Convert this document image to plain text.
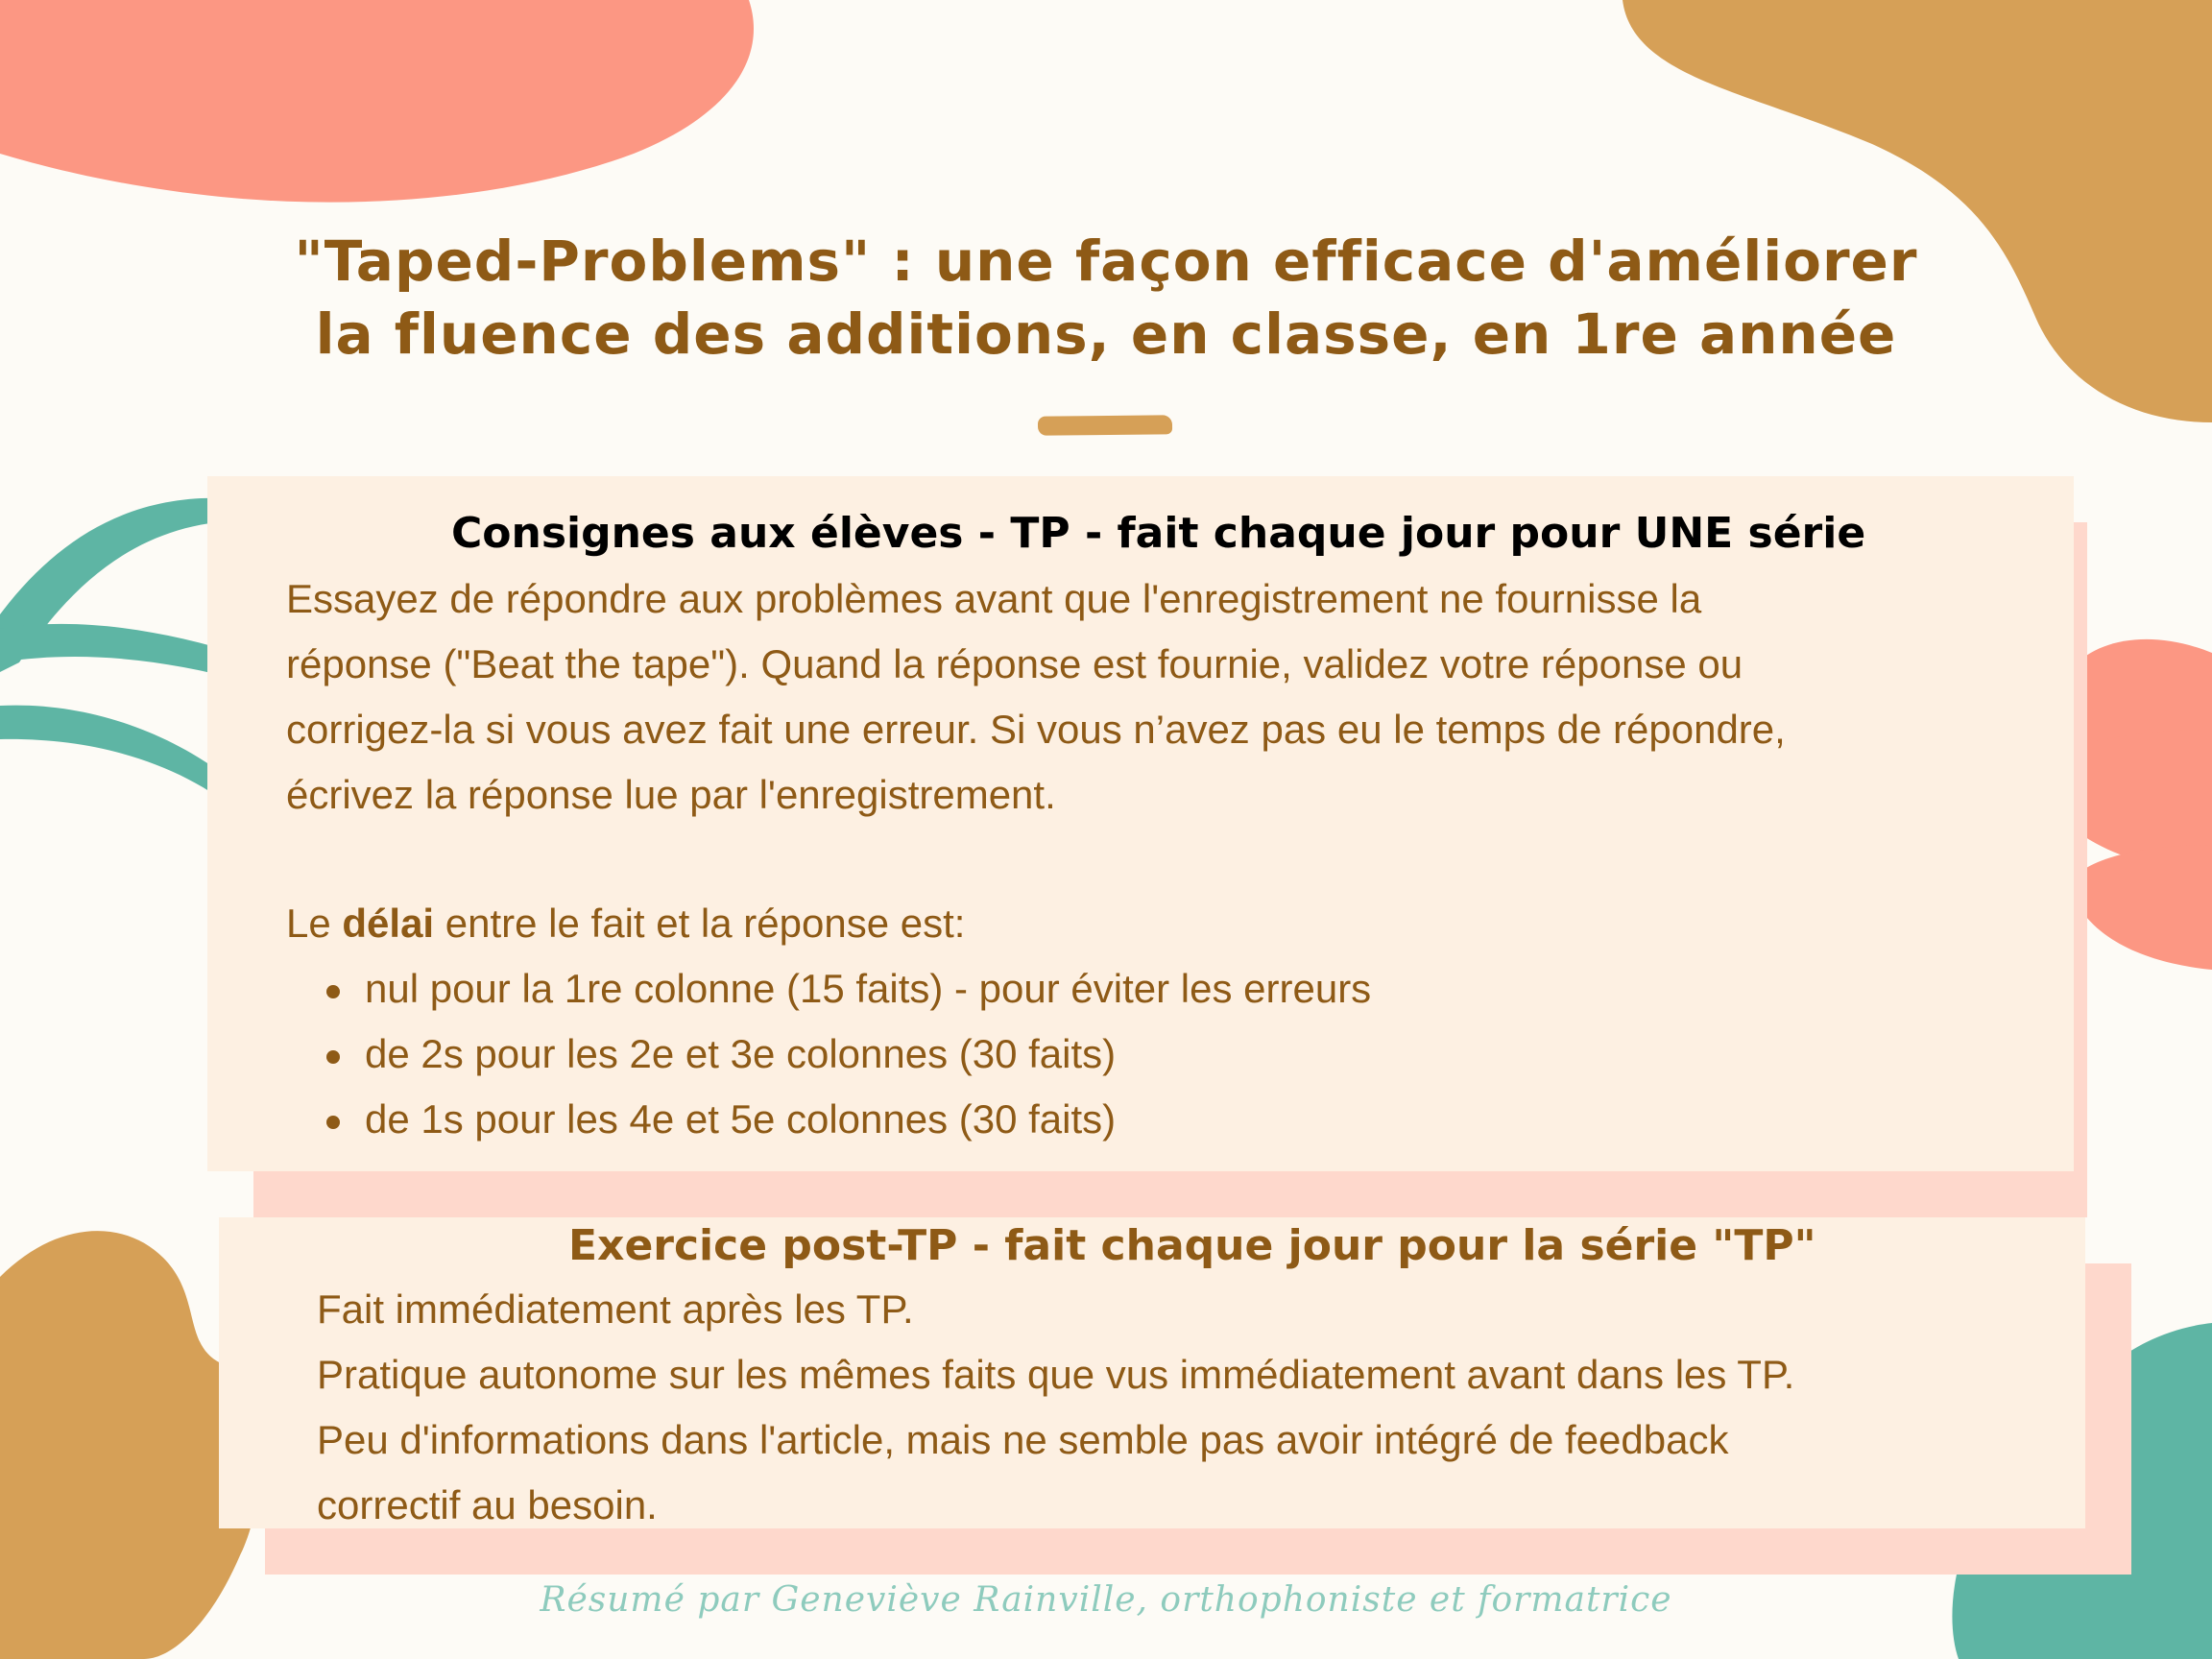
"Taped-Problems" : une façon efficace d'améliorer
la fluence des additions, en classe, en 1re année
Consignes aux élèves - TP - fait chaque jour pour UNE série

Essayez de répondre aux problèmes avant que l'enregistrement ne fournisse la

réponse ("Beat the tape"). Quand la réponse est fournie, validez votre réponse ou

corrigez-la si vous avez fait une erreur. Si vous n’avez pas eu le temps de répondre,

écrivez la réponse lue par l'enregistrement.

Le délai entre le fait et la réponse est:
nul pour la 1re colonne (15 faits) - pour éviter les erreurs
de 2s pour les 2e et 3e colonnes (30 faits)
de 1s pour les 4e et 5e colonnes (30 faits)
Exercice post-TP - fait chaque jour pour la série "TP"

Fait immédiatement après les TP.

Pratique autonome sur les mêmes faits que vus immédiatement avant dans les TP.

Peu d'informations dans l'article, mais ne semble pas avoir intégré de feedback

correctif au besoin.

Résumé par Geneviève Rainville, orthophoniste et formatrice
